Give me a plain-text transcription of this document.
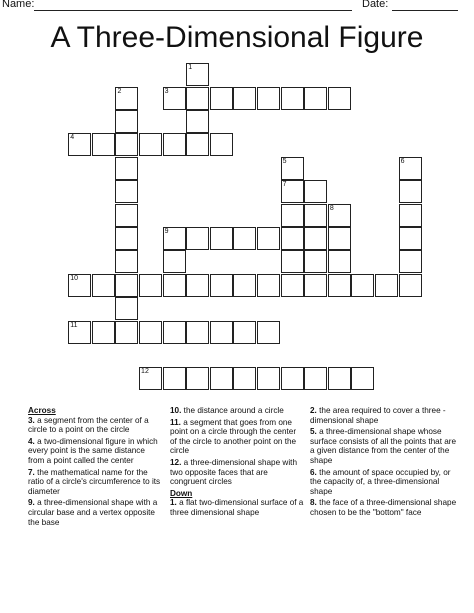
Name:	Date:
A Three-Dimensional Figure
1
2	3
4
5
7
6
8
9
10
11
12
Across
3. a segment from the center of a circle to a point on the circle
4. a two-dimensional figure in which every point is the same distance from a point called the center
7. the mathematical name for the ratio of a circle's circumference to its diameter
9. a three-dimensional shape with a circular base and a vertex opposite the base
10. the distance around a circle
11. a segment that goes from one point on a circle through the center of the circle to another point on the circle
12. a three-dimensional shape with two opposite faces that are congruent circles
Down
1. a flat two-dimensional surface of a three dimensional shape
2. the area required to cover a three -dimensional shape
5. a three-dimensional shape whose surface consists of all the points that are a given distance from the center of the shape
6. the amount of space occupied by, or the capacity of, a three-dimensional shape
8. the face of a three-dimensional shape chosen to be the "bottom" face
